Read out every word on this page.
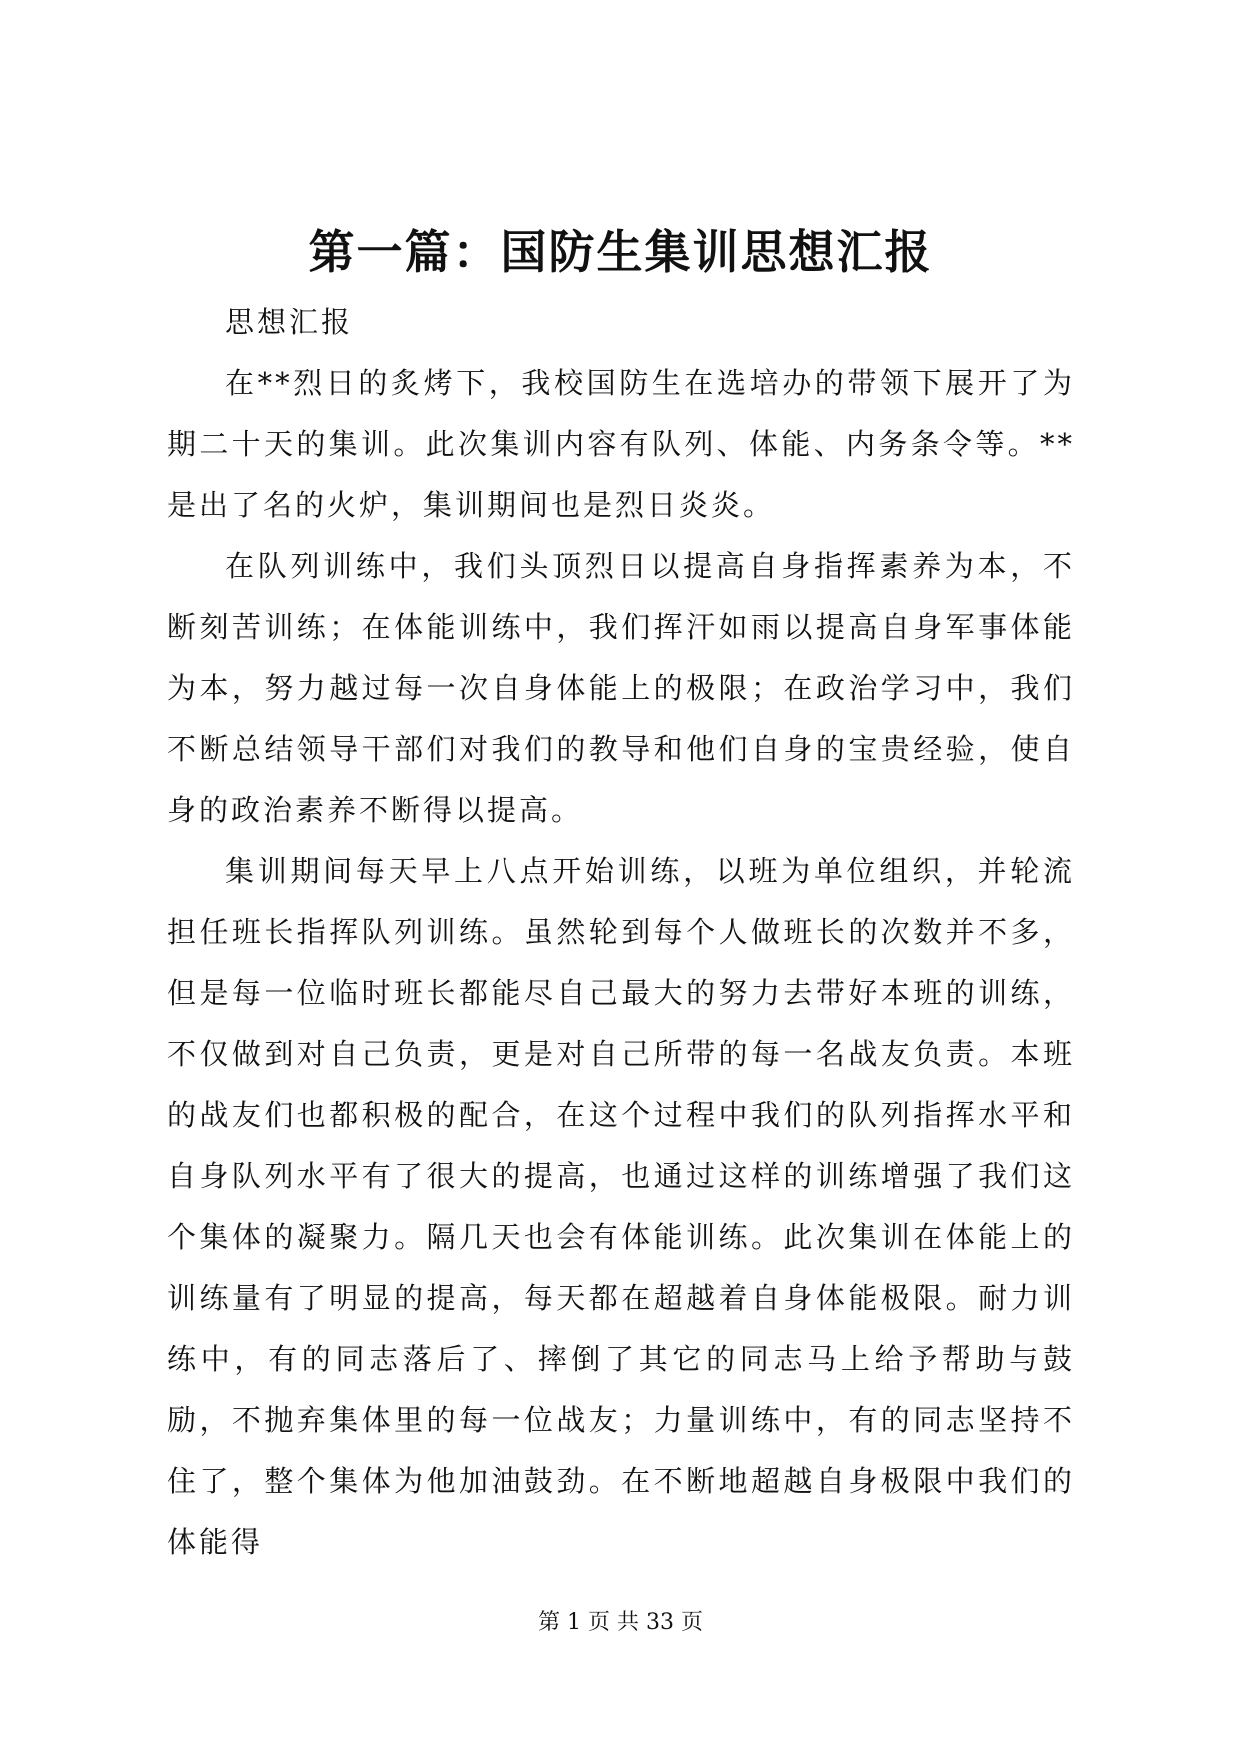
第一篇：国防生集训思想汇报

思想汇报

在**烈日的炙烤下，我校国防生在选培办的带领下展开了为期二十天的集训。此次集训内容有队列、体能、内务条令等。**是出了名的火炉，集训期间也是烈日炎炎。

在队列训练中，我们头顶烈日以提高自身指挥素养为本，不断刻苦训练；在体能训练中，我们挥汗如雨以提高自身军事体能为本，努力越过每一次自身体能上的极限；在政治学习中，我们不断总结领导干部们对我们的教导和他们自身的宝贵经验，使自身的政治素养不断得以提高。

集训期间每天早上八点开始训练，以班为单位组织，并轮流担任班长指挥队列训练。虽然轮到每个人做班长的次数并不多，但是每一位临时班长都能尽自己最大的努力去带好本班的训练，不仅做到对自己负责，更是对自己所带的每一名战友负责。本班的战友们也都积极的配合，在这个过程中我们的队列指挥水平和自身队列水平有了很大的提高，也通过这样的训练增强了我们这个集体的凝聚力。隔几天也会有体能训练。此次集训在体能上的训练量有了明显的提高，每天都在超越着自身体能极限。耐力训练中，有的同志落后了、摔倒了其它的同志马上给予帮助与鼓励，不抛弃集体里的每一位战友；力量训练中，有的同志坚持不住了，整个集体为他加油鼓劲。在不断地超越自身极限中我们的体能得

第 1 页 共 33 页
